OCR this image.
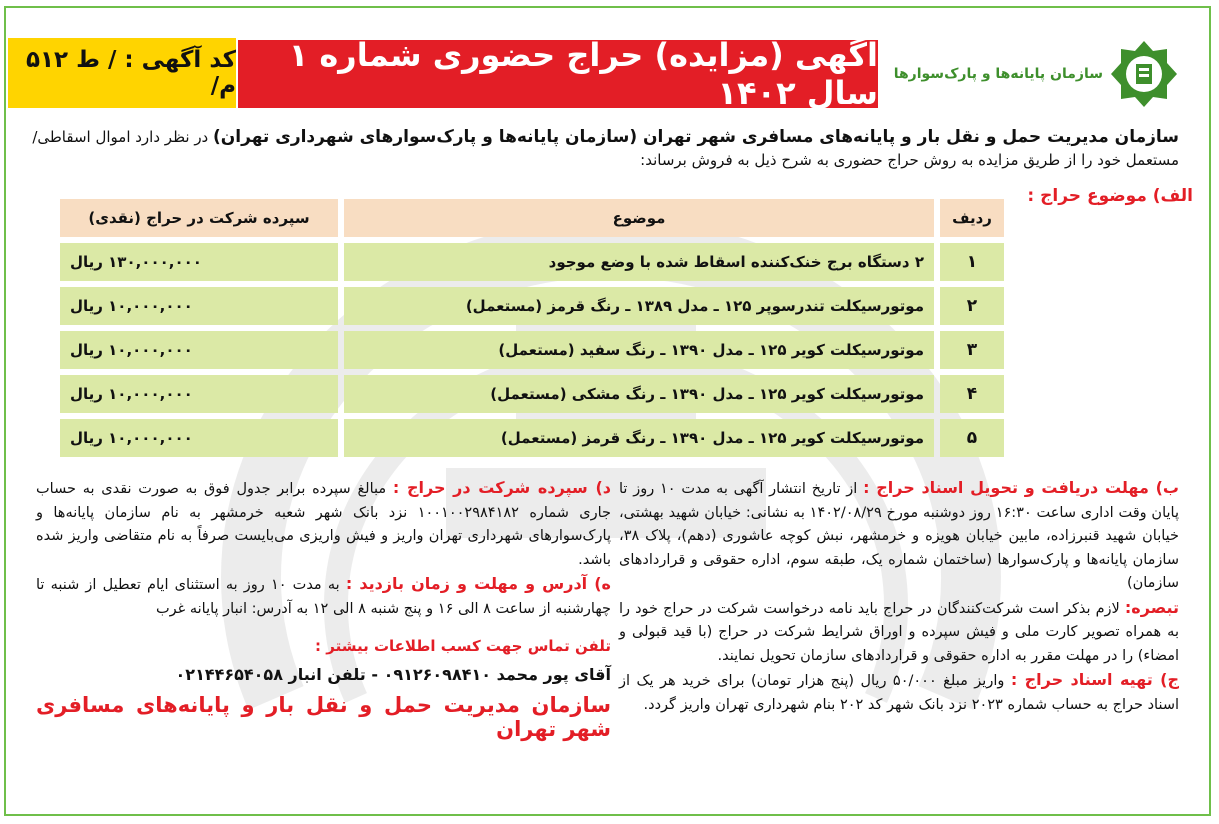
سازمان پایانه‌ها و پارک‌سوارها
آگهی (مزایده) حراج حضوری شماره ۱ سال ۱۴۰۲
کد آگهی : / ط ۵۱۲ م/
سازمان مدیریت حمل و نقل بار و پایانه‌های مسافری شهر تهران (سازمان پایانه‌ها و پارک‌سوارهای شهرداری تهران) در نظر دارد اموال اسقاطی/ مستعمل خود را از طریق مزایده به روش حراج حضوری به شرح ذیل به فروش برساند:
الف) موضوع حراج :
ردیف	موضوع	سپرده شرکت در حراج (نقدی)
۱	۲ دستگاه برج خنک‌کننده اسقاط شده با وضع موجود	۱۳۰,۰۰۰,۰۰۰ ریال
۲	موتورسیکلت تندرسوپر ۱۲۵ ـ مدل ۱۳۸۹ ـ رنگ قرمز (مستعمل)	۱۰,۰۰۰,۰۰۰ ریال
۳	موتورسیکلت کویر ۱۲۵ ـ مدل ۱۳۹۰ ـ رنگ سفید (مستعمل)	۱۰,۰۰۰,۰۰۰ ریال
۴	موتورسیکلت کویر ۱۲۵ ـ مدل ۱۳۹۰ ـ رنگ مشکی (مستعمل)	۱۰,۰۰۰,۰۰۰ ریال
۵	موتورسیکلت کویر ۱۲۵ ـ مدل ۱۳۹۰ ـ رنگ قرمز (مستعمل)	۱۰,۰۰۰,۰۰۰ ریال

ب) مهلت دریافت و تحویل اسناد حراج : از تاریخ انتشار آگهی به مدت ۱۰ روز تا پایان وقت اداری ساعت ۱۶:۳۰ روز دوشنبه مورخ ۱۴۰۲/۰۸/۲۹ به نشانی: خیابان شهید بهشتی، خیابان شهید قنبرزاده، مابین خیابان هویزه و خرمشهر، نبش کوچه عاشوری (دهم)، پلاک ۳۸، سازمان پایانه‌ها و پارک‌سوارها (ساختمان شماره یک، طبقه سوم، اداره حقوقی و قراردادهای سازمان)

تبصره: لازم بذکر است شرکت‌کنندگان در حراج باید نامه درخواست شرکت در حراج خود را به همراه تصویر کارت ملی و فیش سپرده و اوراق شرایط شرکت در حراج (با قید قبولی و امضاء) را در مهلت مقرر به اداره حقوقی و قراردادهای سازمان تحویل نمایند.

ج) تهیه اسناد حراج : واریز مبلغ ۵۰/۰۰۰ ریال (پنج هزار تومان) برای خرید هر یک از اسناد حراج به حساب شماره ۲۰۲۳ نزد بانک شهر کد ۲۰۲ بنام شهرداری تهران واریز گردد.

د) سپرده شرکت در حراج : مبالغ سپرده برابر جدول فوق به صورت نقدی به حساب جاری شماره ۱۰۰۱۰۰۲۹۸۴۱۸۲ نزد بانک شهر شعبه خرمشهر به نام سازمان پایانه‌ها و پارک‌سوارهای شهرداری تهران واریز و فیش واریزی می‌بایست صرفاً به نام متقاضی واریز شده باشد.

ه) آدرس و مهلت و زمان بازدید : به مدت ۱۰ روز به استثنای ایام تعطیل از شنبه تا چهارشنبه از ساعت ۸ الی ۱۶ و پنج شنبه ۸ الی ۱۲ به آدرس: انبار پایانه غرب

تلفن تماس جهت کسب اطلاعات بیشتر :
آقای پور محمد ۰۹۱۲۶۰۹۸۴۱۰ - تلفن انبار ۰۲۱۴۴۶۵۴۰۵۸
سازمان مدیریت حمل و نقل بار و پایانه‌های مسافری شهر تهران
